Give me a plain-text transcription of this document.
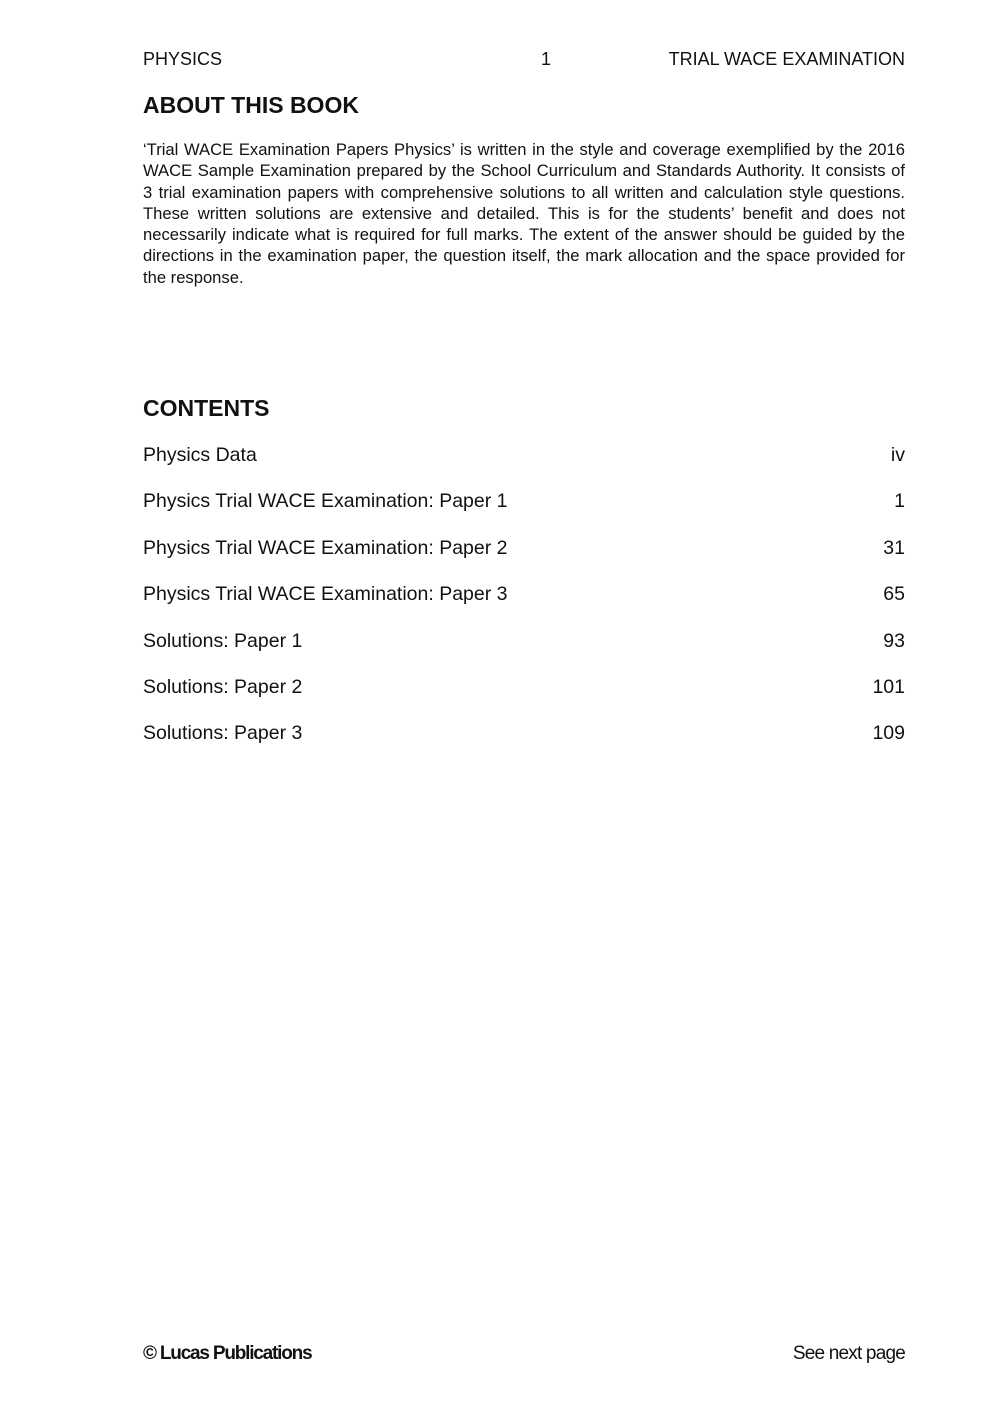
PHYSICS	1	TRIAL WACE EXAMINATION
ABOUT THIS BOOK

‘Trial WACE Examination Papers Physics’ is written in the style and coverage exemplified by the 2016 WACE Sample Examination prepared by the School Curriculum and Standards Authority. It consists of 3 trial examination papers with comprehensive solutions to all written and calculation style questions. These written solutions are extensive and detailed. This is for the students’ benefit and does not necessarily indicate what is required for full marks. The extent of the answer should be guided by the directions in the examination paper, the question itself, the mark allocation and the space provided for the response.

CONTENTS
Physics Data	iv
Physics Trial WACE Examination: Paper 1	1
Physics Trial WACE Examination: Paper 2	31
Physics Trial WACE Examination: Paper 3	65
Solutions: Paper 1	93
Solutions: Paper 2	101
Solutions: Paper 3	109
© Lucas Publications	See next page
